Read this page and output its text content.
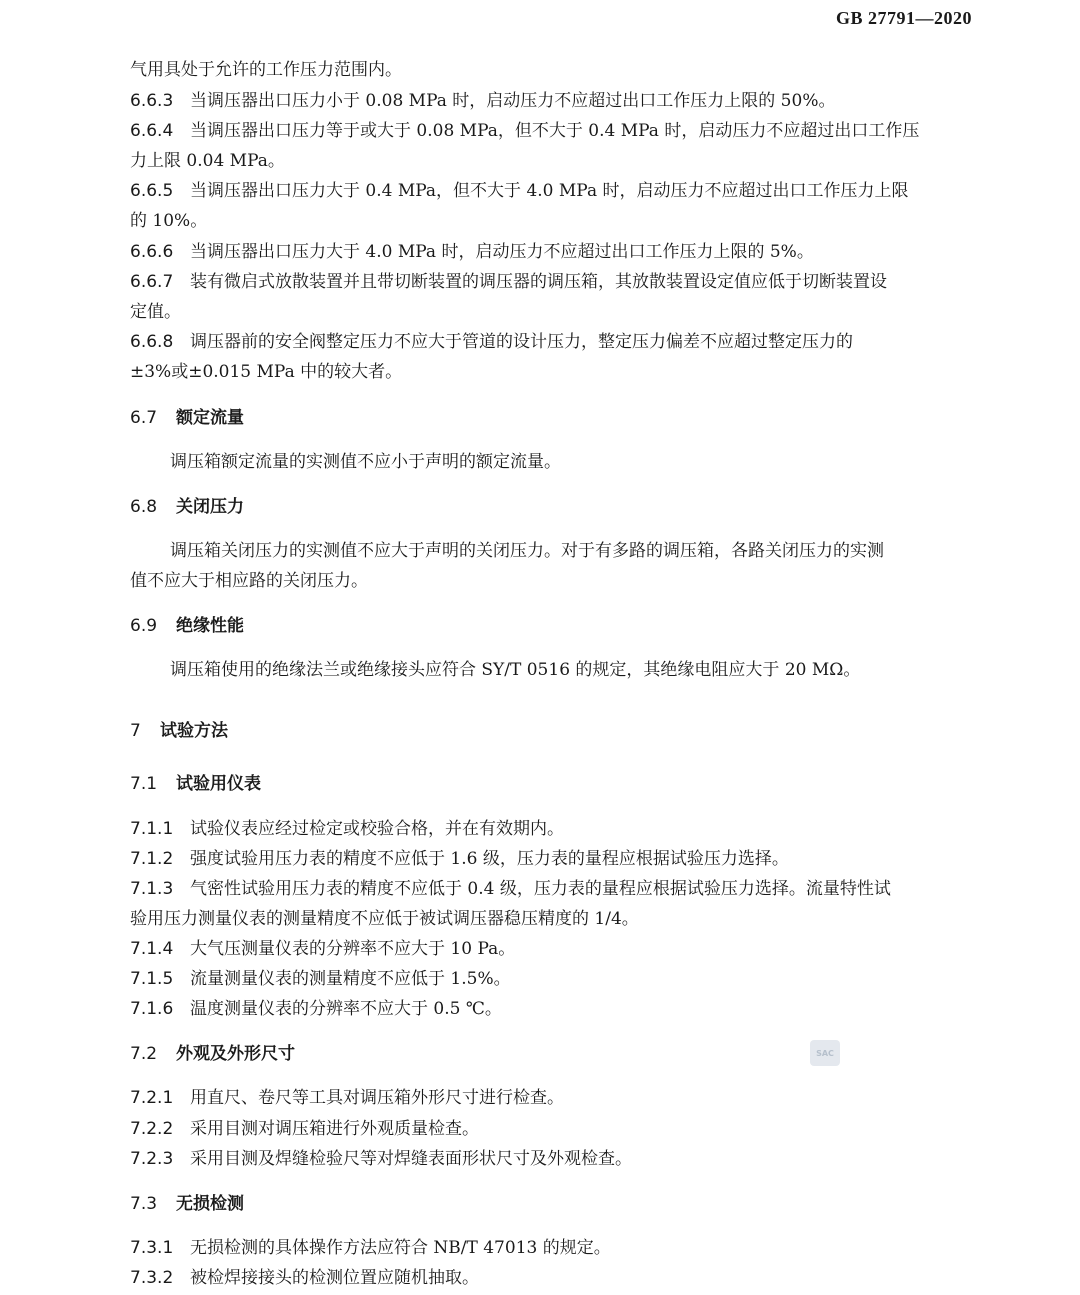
GB 27791—2020
气用具处于允许的工作压力范围内。
6.6.3 当调压器出口压力小于 0.08 MPa 时，启动压力不应超过出口工作压力上限的 50%。
6.6.4 当调压器出口压力等于或大于 0.08 MPa，但不大于 0.4 MPa 时，启动压力不应超过出口工作压
力上限 0.04 MPa。
6.6.5 当调压器出口压力大于 0.4 MPa，但不大于 4.0 MPa 时，启动压力不应超过出口工作压力上限
的 10%。
6.6.6 当调压器出口压力大于 4.0 MPa 时，启动压力不应超过出口工作压力上限的 5%。
6.6.7 装有微启式放散装置并且带切断装置的调压器的调压箱，其放散装置设定值应低于切断装置设
定值。
6.6.8 调压器前的安全阀整定压力不应大于管道的设计压力，整定压力偏差不应超过整定压力的
±3%或±0.015 MPa 中的较大者。
6.7 额定流量
调压箱额定流量的实测值不应小于声明的额定流量。
6.8 关闭压力
调压箱关闭压力的实测值不应大于声明的关闭压力。对于有多路的调压箱，各路关闭压力的实测
值不应大于相应路的关闭压力。
6.9 绝缘性能
调压箱使用的绝缘法兰或绝缘接头应符合 SY/T 0516 的规定，其绝缘电阻应大于 20 MΩ。
7 试验方法
7.1 试验用仪表
7.1.1 试验仪表应经过检定或校验合格，并在有效期内。
7.1.2 强度试验用压力表的精度不应低于 1.6 级，压力表的量程应根据试验压力选择。
7.1.3 气密性试验用压力表的精度不应低于 0.4 级，压力表的量程应根据试验压力选择。流量特性试
验用压力测量仪表的测量精度不应低于被试调压器稳压精度的 1/4。
7.1.4 大气压测量仪表的分辨率不应大于 10 Pa。
7.1.5 流量测量仪表的测量精度不应低于 1.5%。
7.1.6 温度测量仪表的分辨率不应大于 0.5 ℃。
7.2 外观及外形尺寸	SAC
7.2.1 用直尺、卷尺等工具对调压箱外形尺寸进行检查。
7.2.2 采用目测对调压箱进行外观质量检查。
7.2.3 采用目测及焊缝检验尺等对焊缝表面形状尺寸及外观检查。
7.3 无损检测
7.3.1 无损检测的具体操作方法应符合 NB/T 47013 的规定。
7.3.2 被检焊接接头的检测位置应随机抽取。
